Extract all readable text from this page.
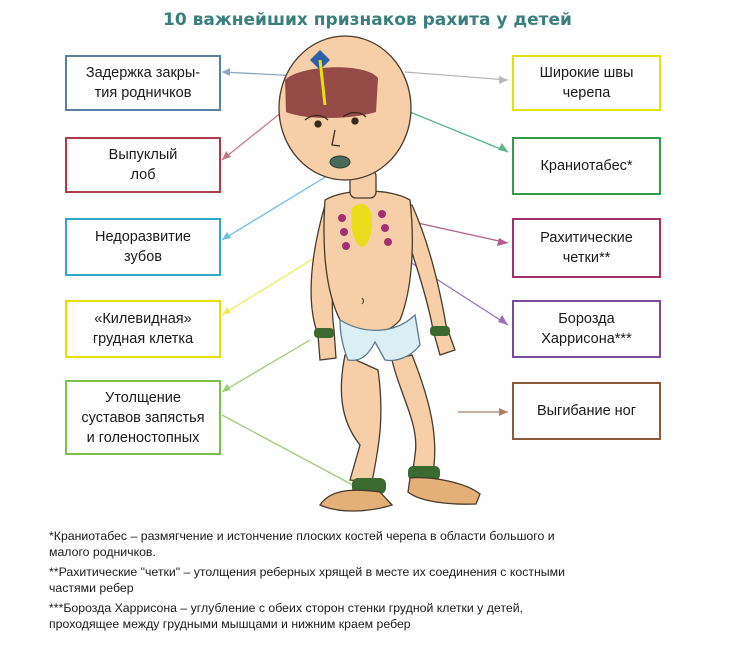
10 важнейших признаков рахита у детей
Задержка закры-
тия родничков
Широкие швы
черепа
Выпуклый
лоб
Краниотабес*
Недоразвитие
зубов
Рахитические
четки**
«Килевидная»
грудная клетка
Борозда
Харрисона***
Утолщение
суставов запястья
и голеностопных
Выгибание ног

*Краниотабес – размягчение и истончение плоских костей черепа в области большого и
малого родничков.

**Рахитические "четки" – утолщения реберных хрящей в месте их соединения с костными
частями ребер

***Борозда Харрисона – углубление с обеих сторон стенки грудной клетки у детей,
проходящее между грудными мышцами и нижним краем ребер
